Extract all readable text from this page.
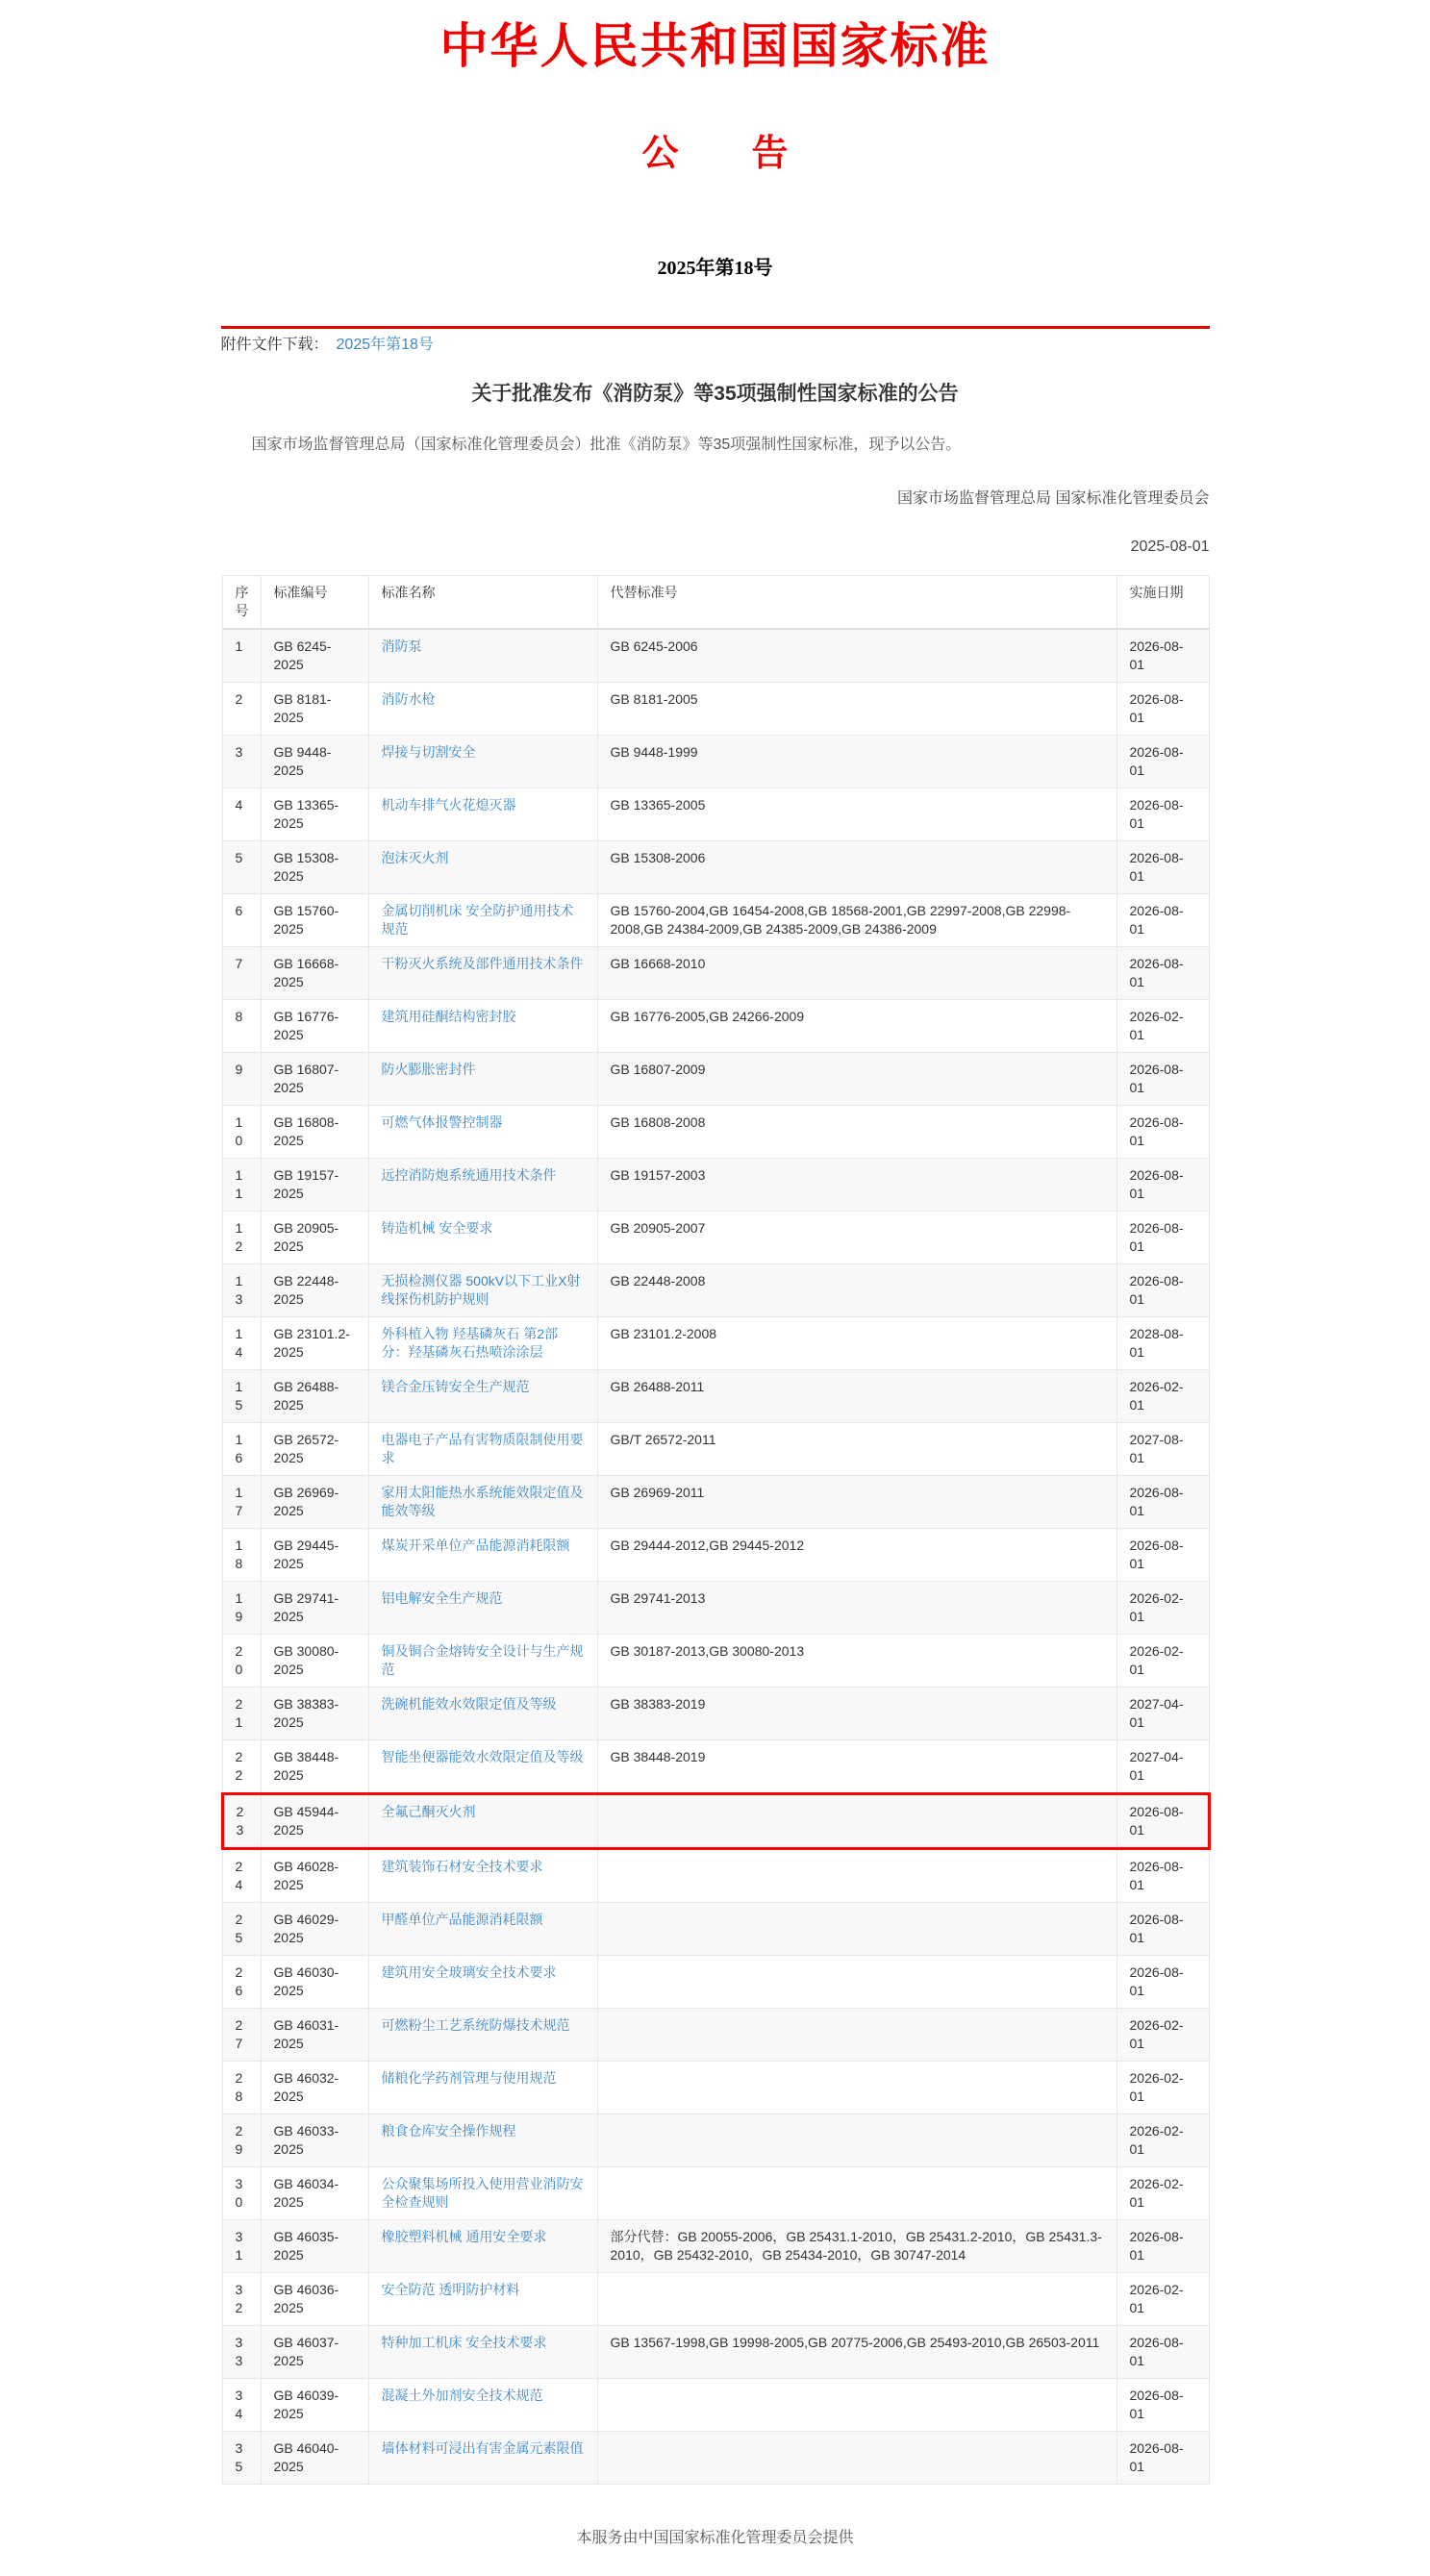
中华人民共和国国家标准
公　　告
2025年第18号
附件文件下载： 2025年第18号
关于批准发布《消防泵》等35项强制性国家标准的公告

国家市场监督管理总局（国家标准化管理委员会）批准《消防泵》等35项强制性国家标准，现予以公告。

国家市场监督管理总局 国家标准化管理委员会
2025-08-01
序号	标准编号	标准名称	代替标准号	实施日期
1	GB 6245-2025	消防泵	GB 6245-2006	2026-08-01
2	GB 8181-2025	消防水枪	GB 8181-2005	2026-08-01
3	GB 9448-2025	焊接与切割安全	GB 9448-1999	2026-08-01
4	GB 13365-2025	机动车排气火花熄灭器	GB 13365-2005	2026-08-01
5	GB 15308-2025	泡沫灭火剂	GB 15308-2006	2026-08-01
6	GB 15760-2025	金属切削机床 安全防护通用技术规范	GB 15760-2004,GB 16454-2008,GB 18568-2001,GB 22997-2008,GB 22998-2008,GB 24384-2009,GB 24385-2009,GB 24386-2009	2026-08-01
7	GB 16668-2025	干粉灭火系统及部件通用技术条件	GB 16668-2010	2026-08-01
8	GB 16776-2025	建筑用硅酮结构密封胶	GB 16776-2005,GB 24266-2009	2026-02-01
9	GB 16807-2025	防火膨胀密封件	GB 16807-2009	2026-08-01
10	GB 16808-2025	可燃气体报警控制器	GB 16808-2008	2026-08-01
11	GB 19157-2025	远控消防炮系统通用技术条件	GB 19157-2003	2026-08-01
12	GB 20905-2025	铸造机械 安全要求	GB 20905-2007	2026-08-01
13	GB 22448-2025	无损检测仪器 500kV以下工业X射线探伤机防护规则	GB 22448-2008	2026-08-01
14	GB 23101.2-2025	外科植入物 羟基磷灰石 第2部分：羟基磷灰石热喷涂涂层	GB 23101.2-2008	2028-08-01
15	GB 26488-2025	镁合金压铸安全生产规范	GB 26488-2011	2026-02-01
16	GB 26572-2025	电器电子产品有害物质限制使用要求	GB/T 26572-2011	2027-08-01
17	GB 26969-2025	家用太阳能热水系统能效限定值及能效等级	GB 26969-2011	2026-08-01
18	GB 29445-2025	煤炭开采单位产品能源消耗限额	GB 29444-2012,GB 29445-2012	2026-08-01
19	GB 29741-2025	铝电解安全生产规范	GB 29741-2013	2026-02-01
20	GB 30080-2025	铜及铜合金熔铸安全设计与生产规范	GB 30187-2013,GB 30080-2013	2026-02-01
21	GB 38383-2025	洗碗机能效水效限定值及等级	GB 38383-2019	2027-04-01
22	GB 38448-2025	智能坐便器能效水效限定值及等级	GB 38448-2019	2027-04-01
23	GB 45944-2025	全氟己酮灭火剂		2026-08-01
24	GB 46028-2025	建筑装饰石材安全技术要求		2026-08-01
25	GB 46029-2025	甲醛单位产品能源消耗限额		2026-08-01
26	GB 46030-2025	建筑用安全玻璃安全技术要求		2026-08-01
27	GB 46031-2025	可燃粉尘工艺系统防爆技术规范		2026-02-01
28	GB 46032-2025	储粮化学药剂管理与使用规范		2026-02-01
29	GB 46033-2025	粮食仓库安全操作规程		2026-02-01
30	GB 46034-2025	公众聚集场所投入使用营业消防安全检查规则		2026-02-01
31	GB 46035-2025	橡胶塑料机械 通用安全要求	部分代替：GB 20055-2006，GB 25431.1-2010，GB 25431.2-2010，GB 25431.3-2010，GB 25432-2010，GB 25434-2010，GB 30747-2014	2026-08-01
32	GB 46036-2025	安全防范 透明防护材料		2026-02-01
33	GB 46037-2025	特种加工机床 安全技术要求	GB 13567-1998,GB 19998-2005,GB 20775-2006,GB 25493-2010,GB 26503-2011	2026-08-01
34	GB 46039-2025	混凝土外加剂安全技术规范		2026-08-01
35	GB 46040-2025	墙体材料可浸出有害金属元素限值		2026-08-01
本服务由中国国家标准化管理委员会提供
